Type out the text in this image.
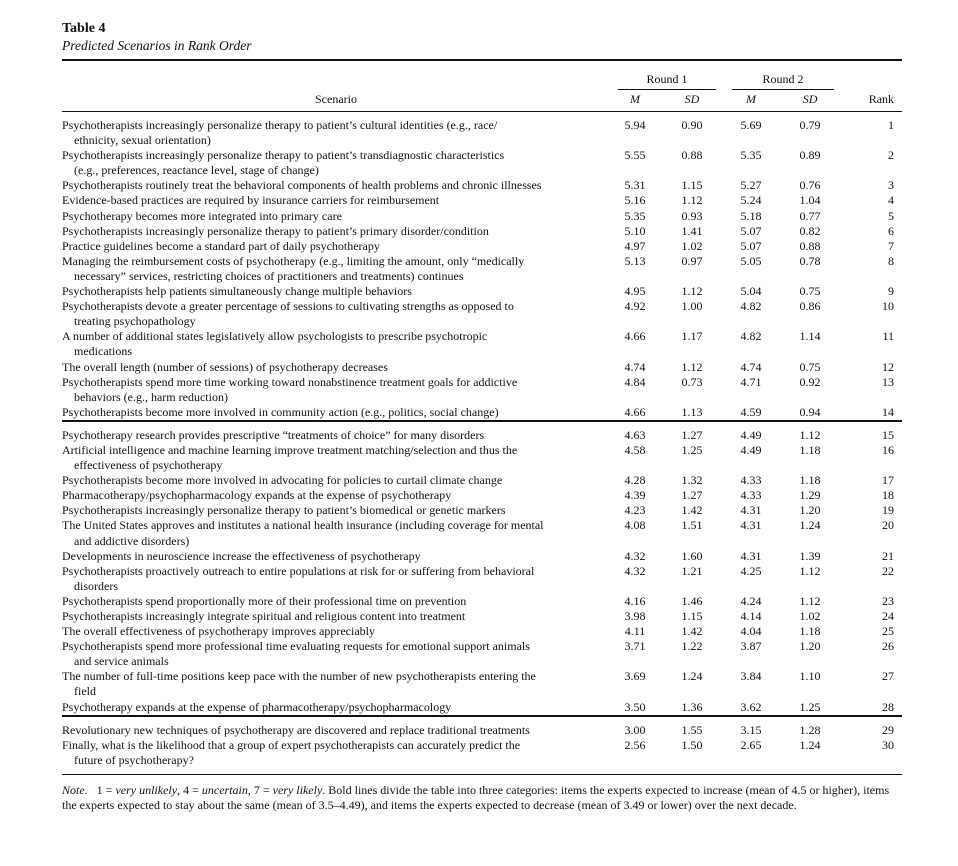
Table 4
Predicted Scenarios in Rank Order

	Round 1		Round 2		

Scenario	M	SD	M	SD	Rank
Psychotherapists increasingly personalize therapy to patient’s cultural identities (e.g., race/
ethnicity, sexual orientation)	5.94	0.90	5.69	0.79	1
Psychotherapists increasingly personalize therapy to patient’s transdiagnostic characteristics
(e.g., preferences, reactance level, stage of change)	5.55	0.88	5.35	0.89	2
Psychotherapists routinely treat the behavioral components of health problems and chronic illnesses	5.31	1.15	5.27	0.76	3
Evidence-based practices are required by insurance carriers for reimbursement	5.16	1.12	5.24	1.04	4
Psychotherapy becomes more integrated into primary care	5.35	0.93	5.18	0.77	5
Psychotherapists increasingly personalize therapy to patient’s primary disorder/condition	5.10	1.41	5.07	0.82	6
Practice guidelines become a standard part of daily psychotherapy	4.97	1.02	5.07	0.88	7
Managing the reimbursement costs of psychotherapy (e.g., limiting the amount, only “medically
necessary” services, restricting choices of practitioners and treatments) continues	5.13	0.97	5.05	0.78	8
Psychotherapists help patients simultaneously change multiple behaviors	4.95	1.12	5.04	0.75	9
Psychotherapists devote a greater percentage of sessions to cultivating strengths as opposed to
treating psychopathology	4.92	1.00	4.82	0.86	10
A number of additional states legislatively allow psychologists to prescribe psychotropic
medications	4.66	1.17	4.82	1.14	11
The overall length (number of sessions) of psychotherapy decreases	4.74	1.12	4.74	0.75	12
Psychotherapists spend more time working toward nonabstinence treatment goals for addictive
behaviors (e.g., harm reduction)	4.84	0.73	4.71	0.92	13
Psychotherapists become more involved in community action (e.g., politics, social change)	4.66	1.13	4.59	0.94	14
Psychotherapy research provides prescriptive “treatments of choice” for many disorders	4.63	1.27	4.49	1.12	15
Artificial intelligence and machine learning improve treatment matching/selection and thus the
effectiveness of psychotherapy	4.58	1.25	4.49	1.18	16
Psychotherapists become more involved in advocating for policies to curtail climate change	4.28	1.32	4.33	1.18	17
Pharmacotherapy/psychopharmacology expands at the expense of psychotherapy	4.39	1.27	4.33	1.29	18
Psychotherapists increasingly personalize therapy to patient’s biomedical or genetic markers	4.23	1.42	4.31	1.20	19
The United States approves and institutes a national health insurance (including coverage for mental
and addictive disorders)	4.08	1.51	4.31	1.24	20
Developments in neuroscience increase the effectiveness of psychotherapy	4.32	1.60	4.31	1.39	21
Psychotherapists proactively outreach to entire populations at risk for or suffering from behavioral
disorders	4.32	1.21	4.25	1.12	22
Psychotherapists spend proportionally more of their professional time on prevention	4.16	1.46	4.24	1.12	23
Psychotherapists increasingly integrate spiritual and religious content into treatment	3.98	1.15	4.14	1.02	24
The overall effectiveness of psychotherapy improves appreciably	4.11	1.42	4.04	1.18	25
Psychotherapists spend more professional time evaluating requests for emotional support animals
and service animals	3.71	1.22	3.87	1.20	26
The number of full-time positions keep pace with the number of new psychotherapists entering the
field	3.69	1.24	3.84	1.10	27
Psychotherapy expands at the expense of pharmacotherapy/psychopharmacology	3.50	1.36	3.62	1.25	28
Revolutionary new techniques of psychotherapy are discovered and replace traditional treatments	3.00	1.55	3.15	1.28	29
Finally, what is the likelihood that a group of expert psychotherapists can accurately predict the
future of psychotherapy?	2.56	1.50	2.65	1.24	30
Note. 1 = very unlikely, 4 = uncertain, 7 = very likely. Bold lines divide the table into three categories: items the experts expected to increase (mean of 4.5 or higher), items the experts expected to stay about the same (mean of 3.5–4.49), and items the experts expected to decrease (mean of 3.49 or lower) over the next decade.
